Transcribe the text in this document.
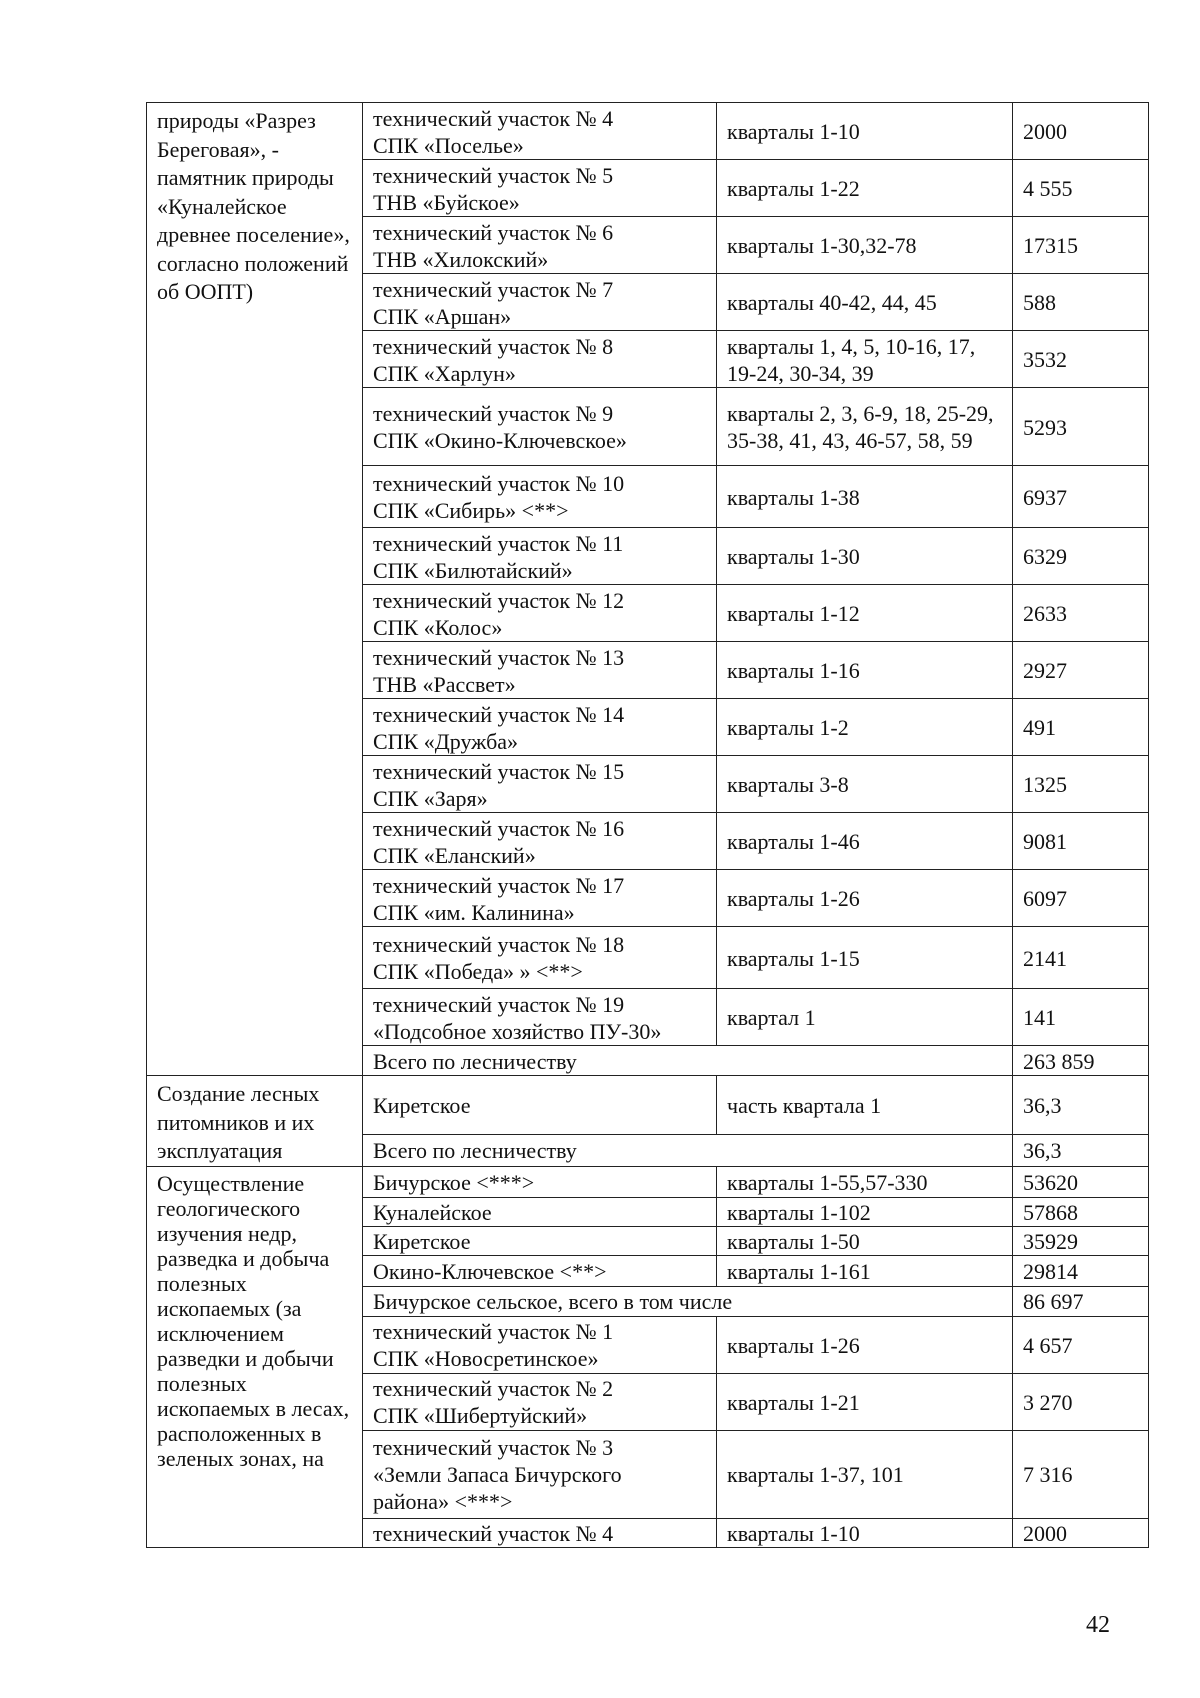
природы «Разрез Береговая», - памятник природы «Куналейское древнее поселение», согласно положений об ООПТ)	технический участок № 4
СПК «Поселье»	кварталы 1-10	2000

	технический участок № 5
ТНВ «Буйское»	кварталы 1-22	4 555

	технический участок № 6
ТНВ «Хилокский»	кварталы 1-30,32-78	17315

	технический участок № 7
СПК «Аршан»	кварталы 40-42, 44, 45	588

	технический участок № 8
СПК «Харлун»	кварталы 1, 4, 5, 10-16, 17, 19-24, 30-34, 39	3532

	технический участок № 9
СПК «Окино-Ключевское»	кварталы 2, 3, 6-9, 18, 25-29, 35-38, 41, 43, 46-57, 58, 59	5293

	технический участок № 10
СПК «Сибирь» <**>	кварталы 1-38	6937

	технический участок № 11
СПК «Билютайский»	кварталы 1-30	6329

	технический участок № 12
СПК «Колос»	кварталы 1-12	2633

	технический участок № 13
ТНВ «Рассвет»	кварталы 1-16	2927

	технический участок № 14
СПК «Дружба»	кварталы 1-2	491

	технический участок № 15
СПК «Заря»	кварталы 3-8	1325

	технический участок № 16
СПК «Еланский»	кварталы 1-46	9081

	технический участок № 17
СПК «им. Калинина»	кварталы 1-26	6097

	технический участок № 18
СПК «Победа» » <**>	кварталы 1-15	2141

	технический участок № 19
«Подсобное хозяйство ПУ-30»	квартал 1	141
	Всего по лесничеству		263 859
Создание лесных питомников и их эксплуатация	Киретское	часть квартала 1	36,3
	Всего по лесничеству		36,3
Осуществление геологического изучения недр, разведка и добыча полезных ископаемых (за исключением разведки и добычи полезных ископаемых в лесах, расположенных в зеленых зонах, на	Бичурское <***>	кварталы 1-55,57-330	53620
	Куналейское	кварталы 1-102	57868
	Киретское	кварталы 1-50	35929
	Окино-Ключевское <**>	кварталы 1-161	29814
	Бичурское сельское, всего в том числе		86 697

	технический участок № 1
СПК «Новосретинское»	кварталы 1-26	4 657

	технический участок № 2
СПК «Шибертуйский»	кварталы 1-21	3 270

	технический участок № 3
«Земли Запаса Бичурского
района» <***>	кварталы 1-37, 101	7 316

	технический участок № 4	кварталы 1-10	2000
42
